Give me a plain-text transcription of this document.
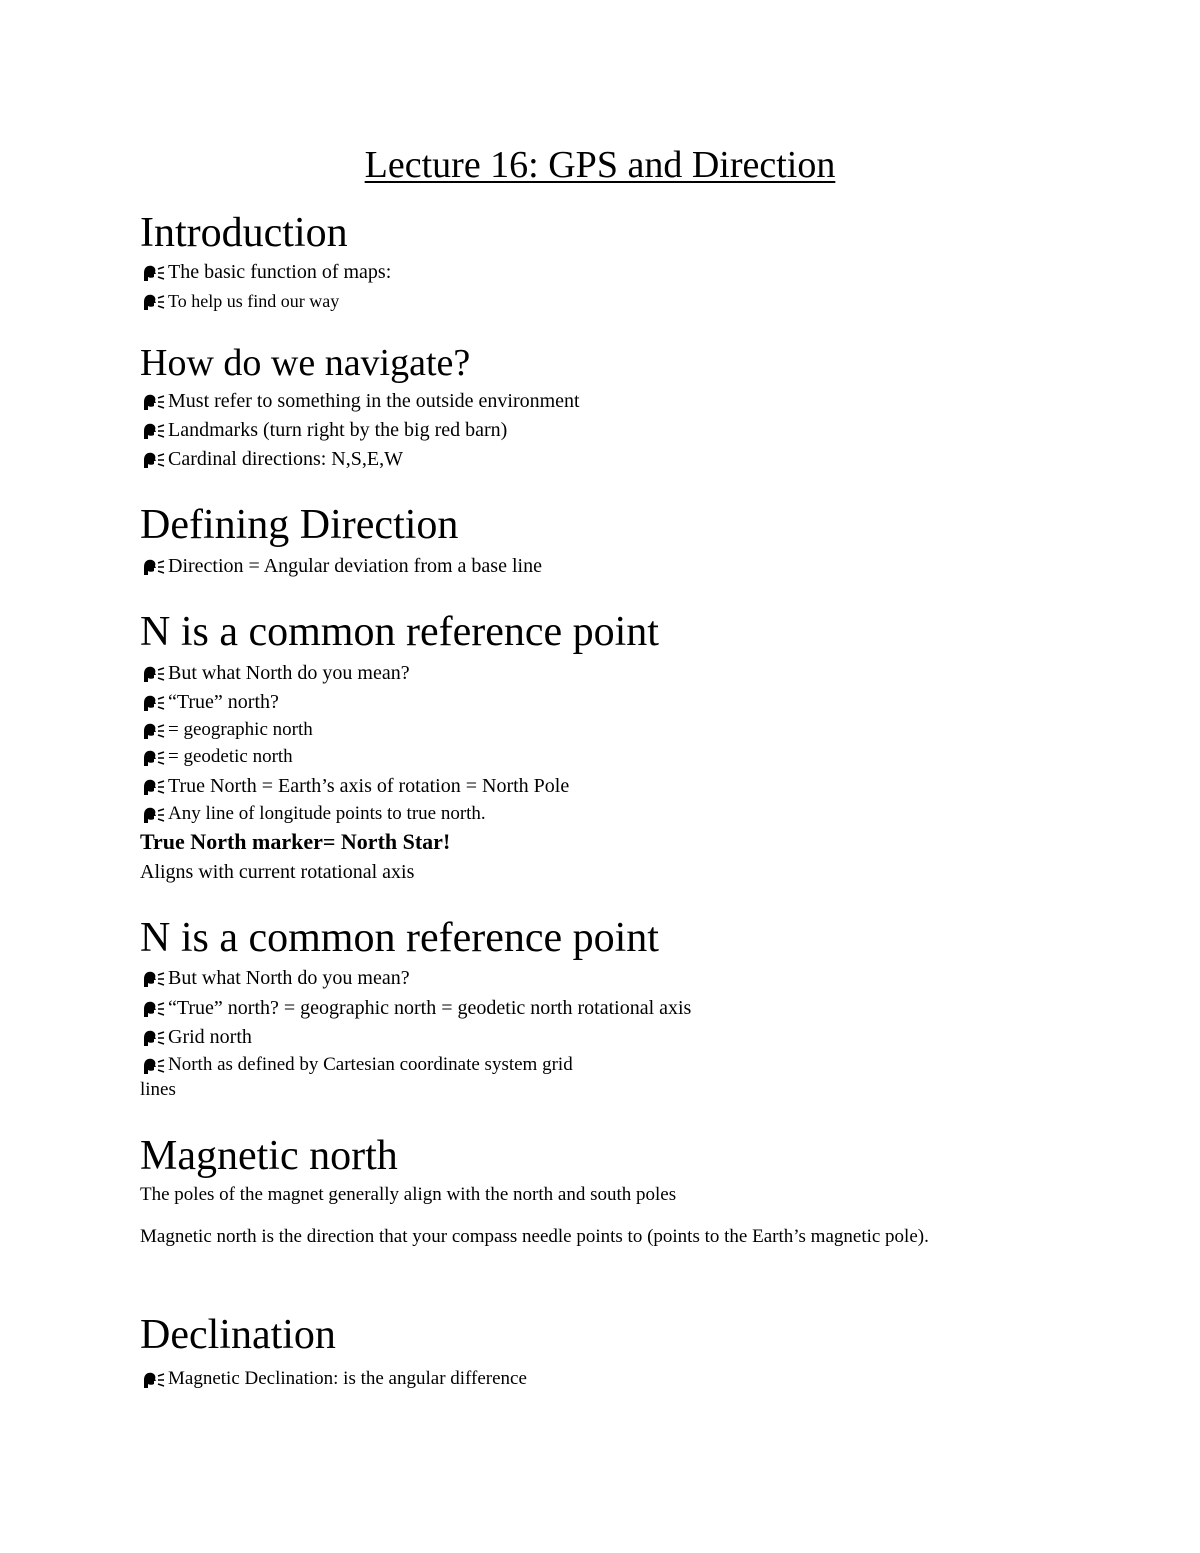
Lecture 16: GPS and Direction
Introduction
The basic function of maps:
To help us find our way
How do we navigate?
Must refer to something in the outside environment
Landmarks (turn right by the big red barn)
Cardinal directions: N,S,E,W
Defining Direction
Direction = Angular deviation from a base line
N is a common reference point
But what North do you mean?
“True” north?
= geographic north
= geodetic north
True North = Earth’s axis of rotation = North Pole
Any line of longitude points to true north.
True North marker= North Star!
Aligns with current rotational axis
N is a common reference point
But what North do you mean?
“True” north? = geographic north = geodetic north rotational axis
Grid north
North as defined by Cartesian coordinate system grid
lines
Magnetic north
The poles of the magnet generally align with the north and south poles
Magnetic north is the direction that your compass needle points to (points to the Earth’s magnetic pole).
Declination
Magnetic Declination: is the angular difference
